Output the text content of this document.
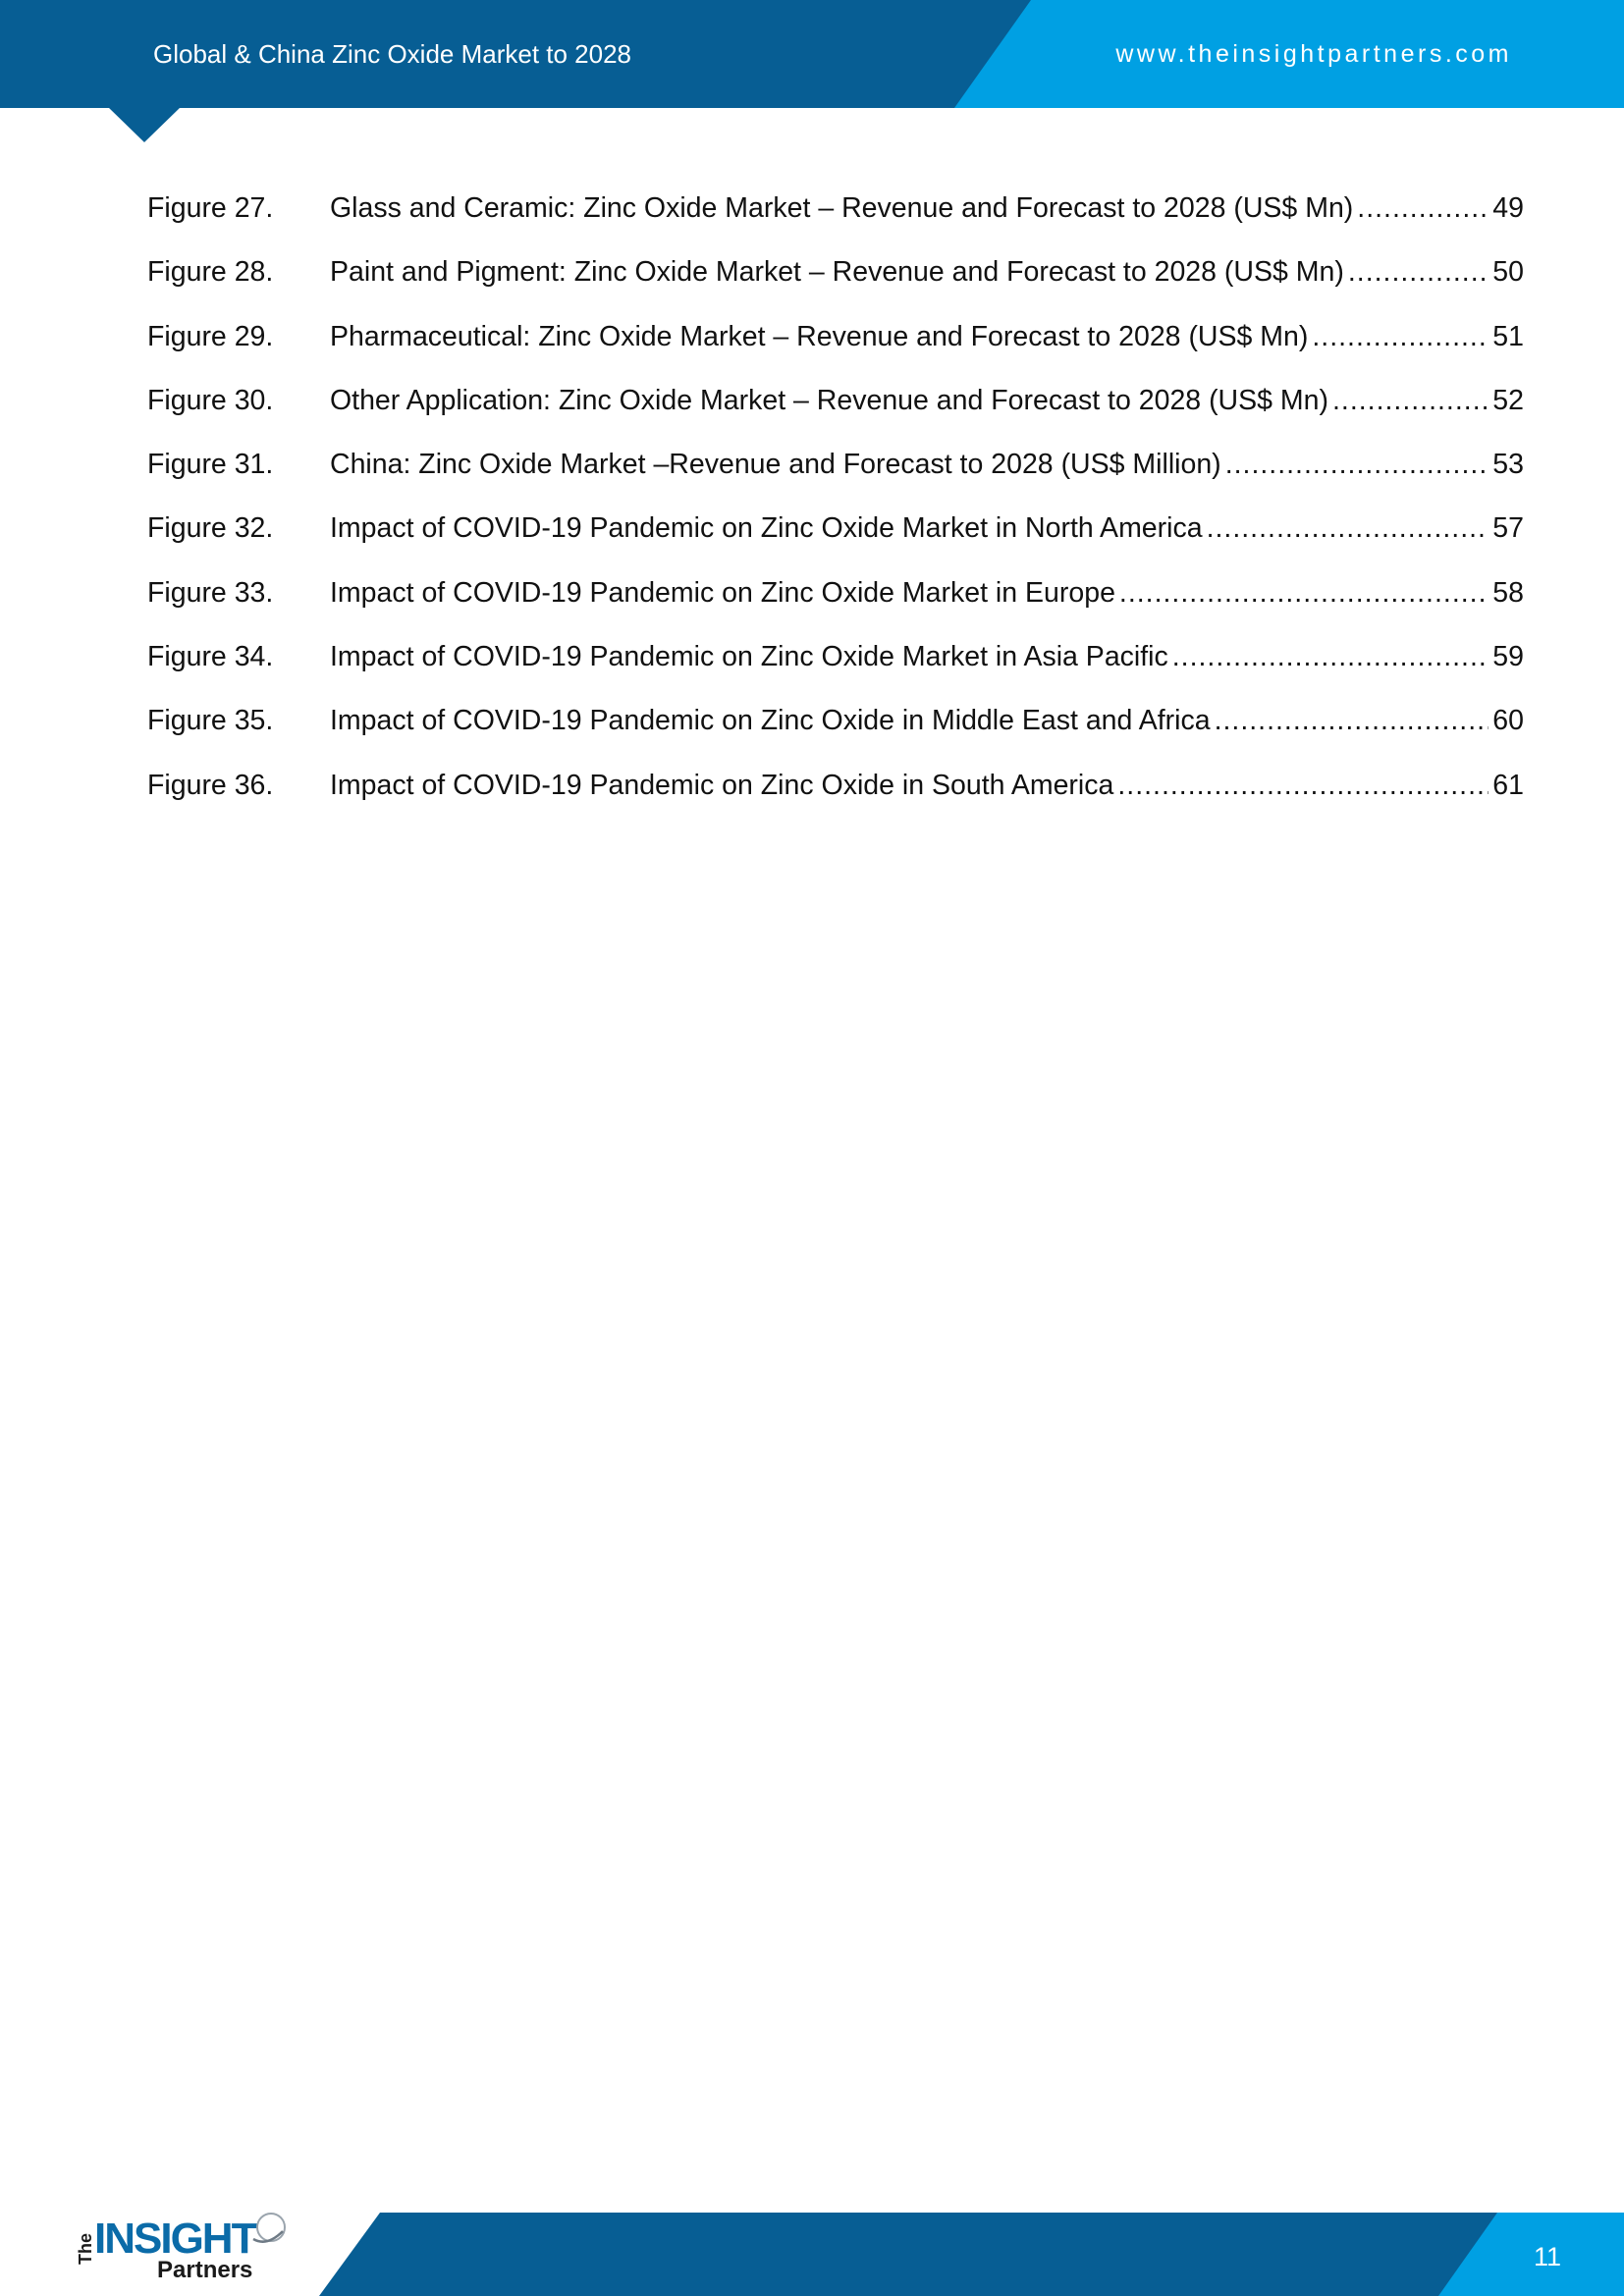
Global & China Zinc Oxide Market to 2028	www.theinsightpartners.com
Figure 27.	Glass and Ceramic: Zinc Oxide Market – Revenue and Forecast to 2028 (US$ Mn) .....	49
Figure 28.	Paint and Pigment: Zinc Oxide Market – Revenue and Forecast to 2028 (US$ Mn) .....	50
Figure 29.	Pharmaceutical: Zinc Oxide Market – Revenue and Forecast to 2028 (US$ Mn) .....	51
Figure 30.	Other Application: Zinc Oxide Market – Revenue and Forecast to 2028 (US$ Mn) .....	52
Figure 31.	China: Zinc Oxide Market –Revenue and Forecast to 2028 (US$ Million) .....	53
Figure 32.	Impact of COVID-19 Pandemic on Zinc Oxide Market in North America .....	57
Figure 33.	Impact of COVID-19 Pandemic on Zinc Oxide Market in Europe .....	58
Figure 34.	Impact of COVID-19 Pandemic on Zinc Oxide Market in Asia Pacific .....	59
Figure 35.	Impact of COVID-19 Pandemic on Zinc Oxide in Middle East and Africa .....	60
Figure 36.	Impact of COVID-19 Pandemic on Zinc Oxide in South America .....	61
The INSIGHT
Partners	11
